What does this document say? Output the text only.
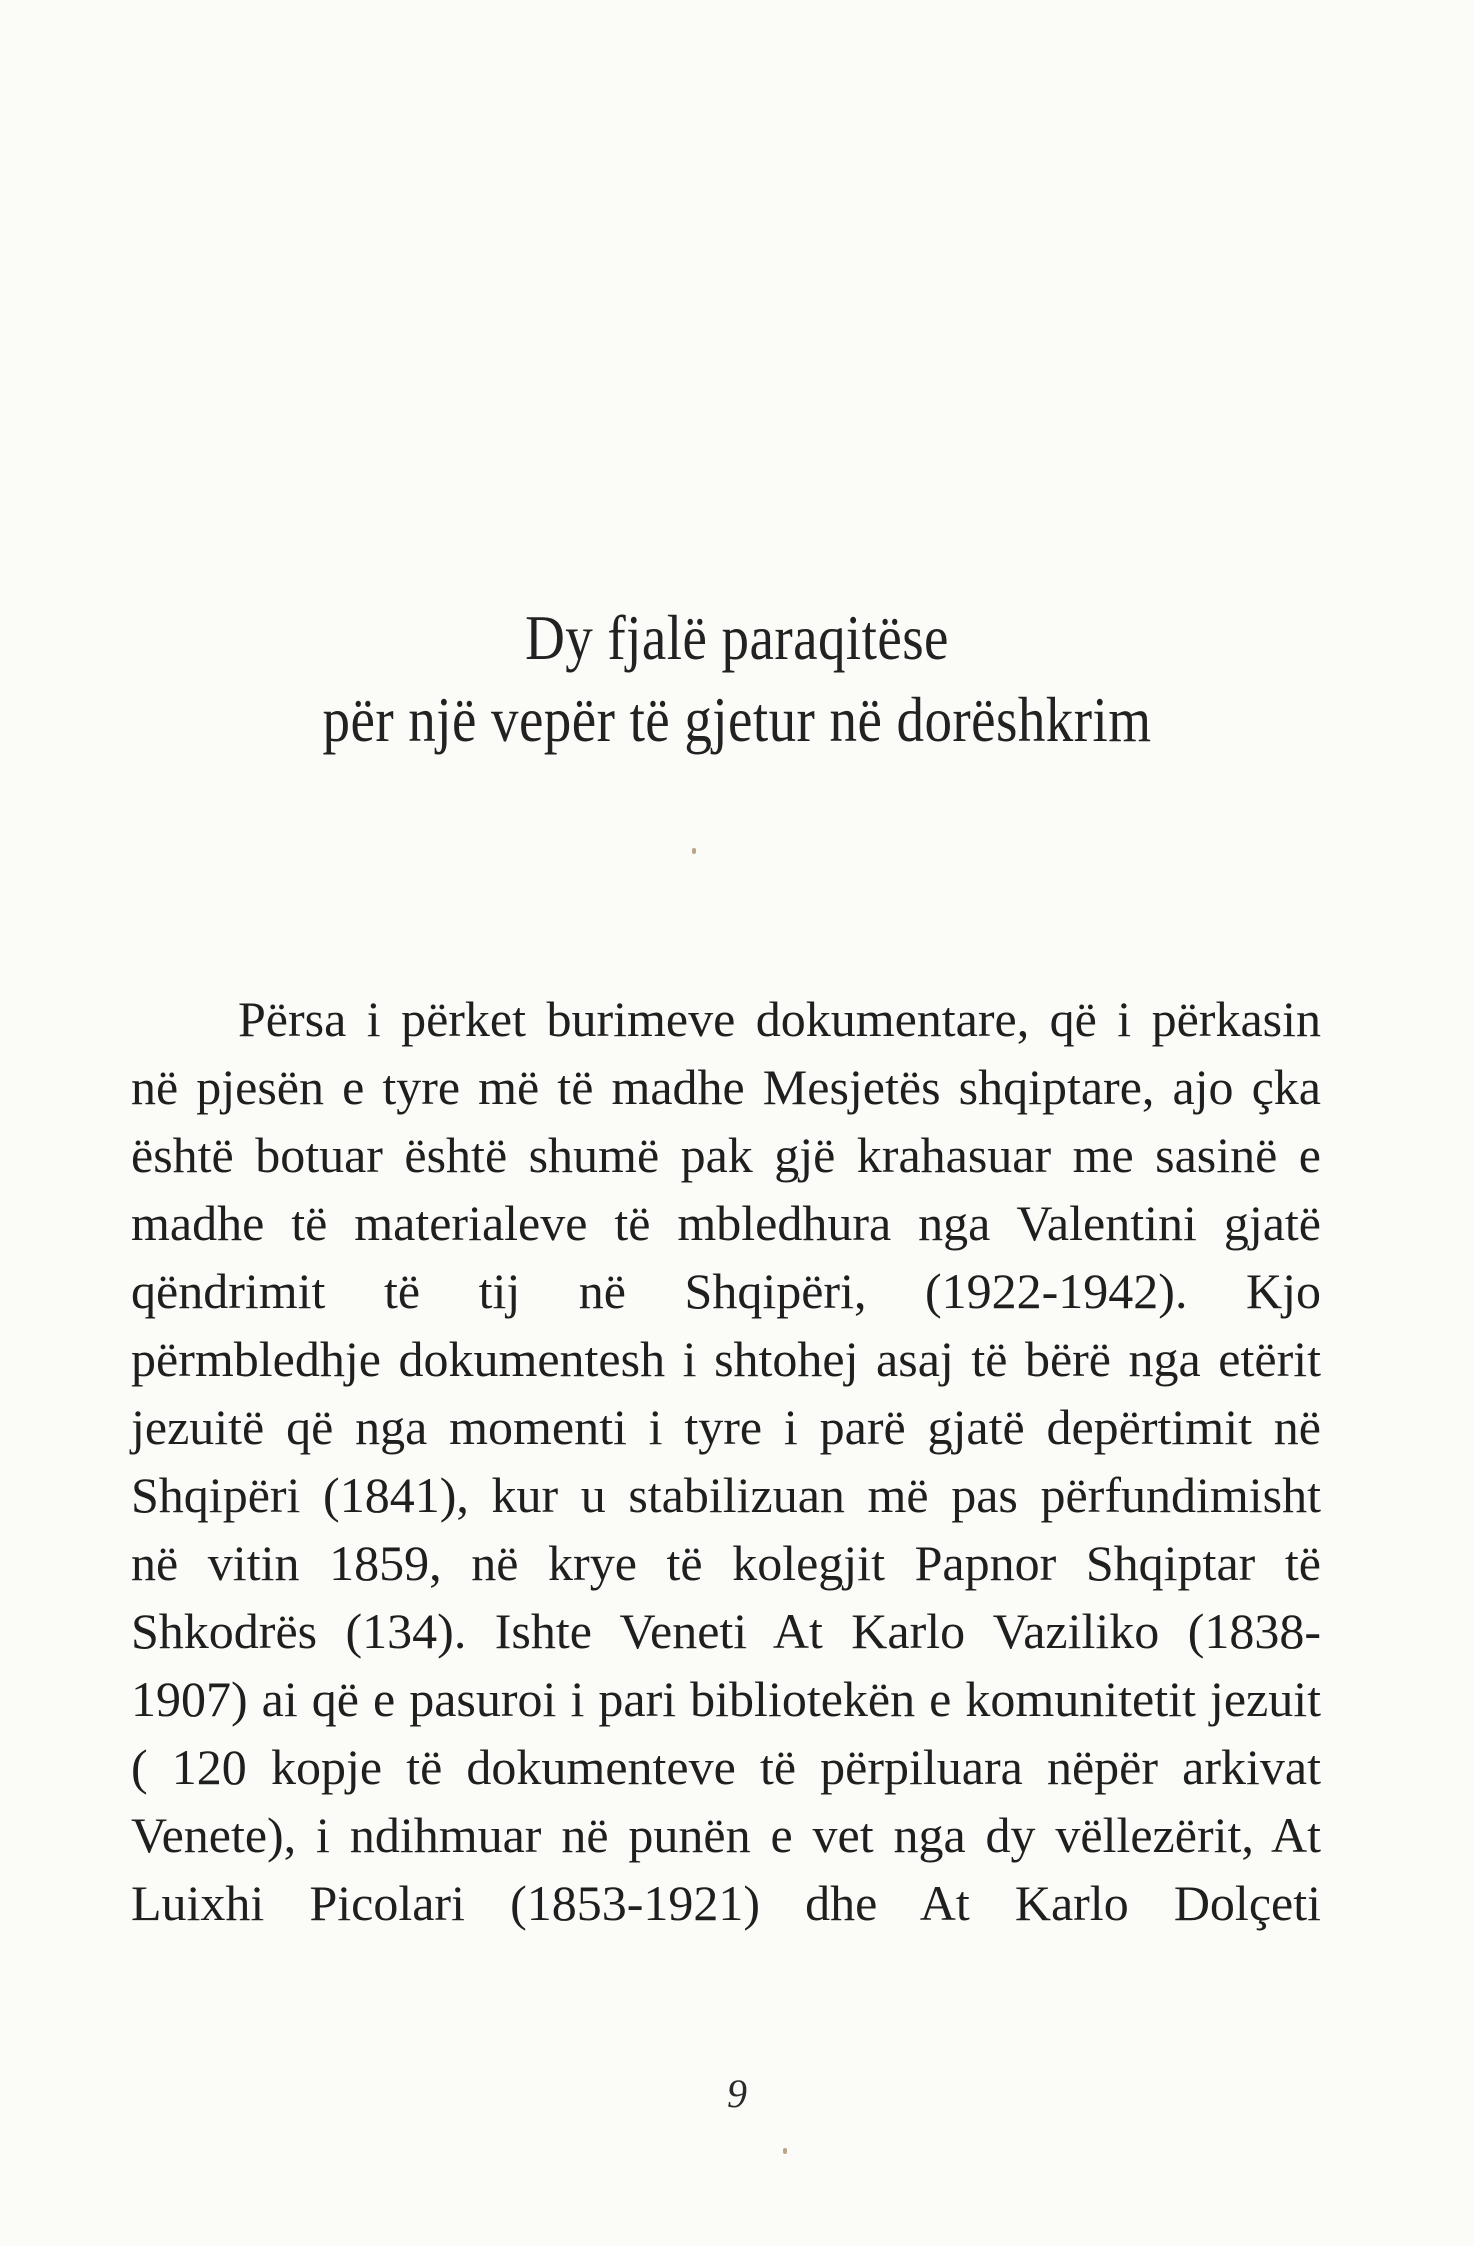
Dy fjalë paraqitëse
për një vepër të gjetur në dorëshkrim
Përsa i përket burimeve dokumentare, që i përkasin
në pjesën e tyre më të madhe Mesjetës shqiptare, ajo çka
është botuar është shumë pak gjë krahasuar me sasinë e
madhe të materialeve të mbledhura nga Valentini gjatë
qëndrimit të tij në Shqipëri, (1922-1942). Kjo
përmbledhje dokumentesh i shtohej asaj të bërë nga etërit
jezuitë që nga momenti i tyre i parë gjatë depërtimit në
Shqipëri (1841), kur u stabilizuan më pas përfundimisht
në vitin 1859, në krye të kolegjit Papnor Shqiptar të
Shkodrës (134). Ishte Veneti At Karlo Vaziliko (1838-
1907) ai që e pasuroi i pari bibliotekën e komunitetit jezuit
( 120 kopje të dokumenteve të përpiluara nëpër arkivat
Venete), i ndihmuar në punën e vet nga dy vëllezërit, At
Luixhi Picolari (1853-1921) dhe At Karlo Dolçeti
9
